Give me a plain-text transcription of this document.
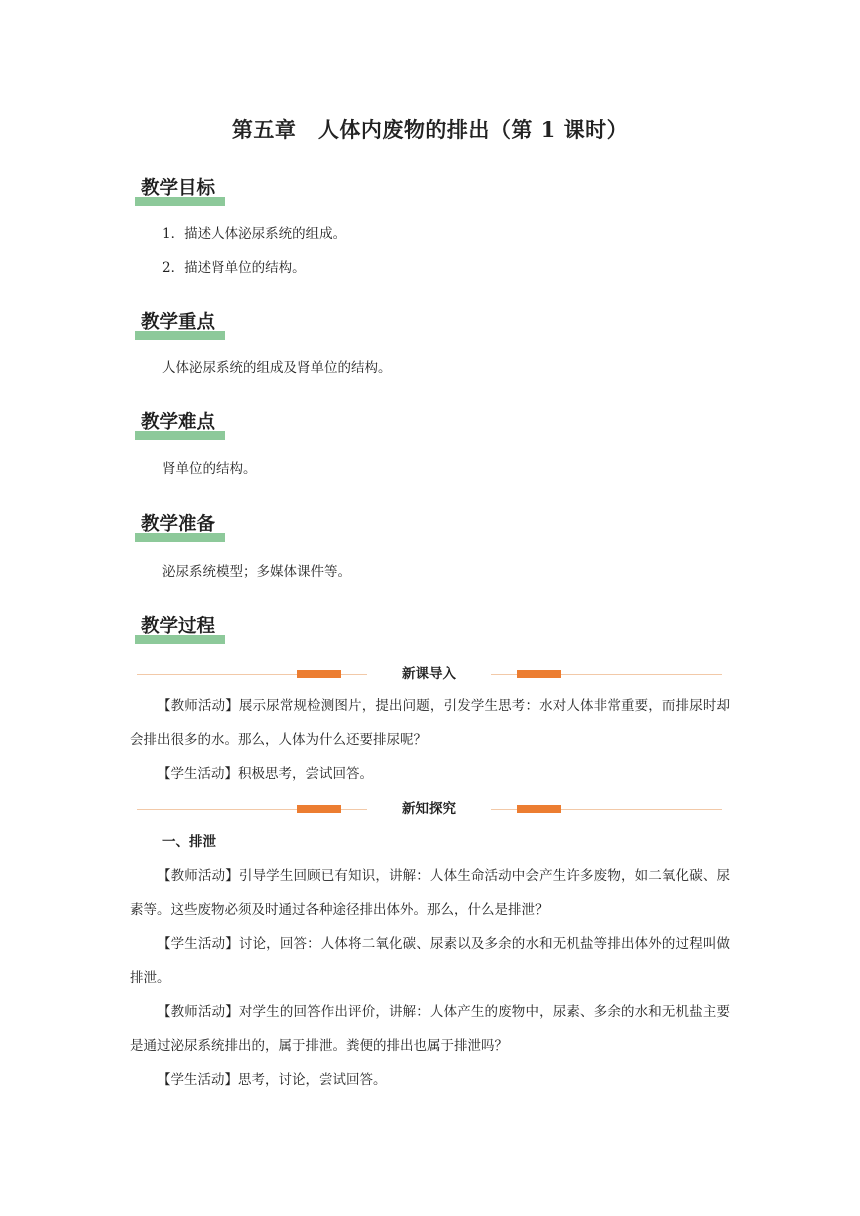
第五章　人体内废物的排出（第 1 课时）
教学目标
1．描述人体泌尿系统的组成。
2．描述肾单位的结构。
教学重点
人体泌尿系统的组成及肾单位的结构。
教学难点
肾单位的结构。
教学准备
泌尿系统模型；多媒体课件等。
教学过程
新课导入
【教师活动】展示尿常规检测图片，提出问题，引发学生思考：水对人体非常重要，而排尿时却会排出很多的水。那么，人体为什么还要排尿呢？
【学生活动】积极思考，尝试回答。
新知探究
一、排泄
【教师活动】引导学生回顾已有知识，讲解：人体生命活动中会产生许多废物，如二氧化碳、尿素等。这些废物必须及时通过各种途径排出体外。那么，什么是排泄？
【学生活动】讨论，回答：人体将二氧化碳、尿素以及多余的水和无机盐等排出体外的过程叫做排泄。
【教师活动】对学生的回答作出评价，讲解：人体产生的废物中，尿素、多余的水和无机盐主要是通过泌尿系统排出的，属于排泄。粪便的排出也属于排泄吗？
【学生活动】思考，讨论，尝试回答。
